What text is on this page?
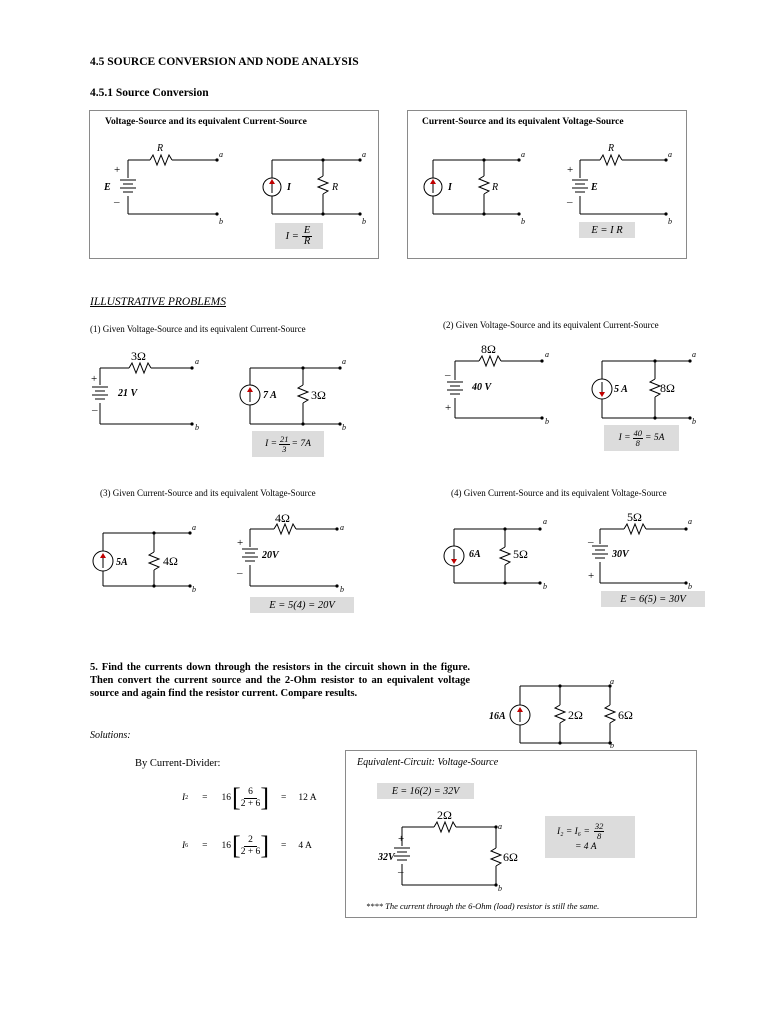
4.5 SOURCE CONVERSION AND NODE ANALYSIS
4.5.1 Source Conversion
Voltage-Source and its equivalent Current-Source
R
+
E
–
a
b
I	R
a
b
$I = \frac{E}{R}$
Current-Source and its equivalent Voltage-Source
I	R
a
b
R
+
E
–
a
b
E = I R
ILLUSTRATIVE PROBLEMS
(1) Given Voltage-Source and its equivalent Current-Source	(2) Given Voltage-Source and its equivalent Current-Source
(3) Given Current-Source and its equivalent Voltage-Source	(4) Given Current-Source and its equivalent Voltage-Source
3Ω
+
–
21 V
a
b
7 A	3Ω
a
b
8Ω
–
+
40 V
a
b
5 A	8Ω
a
b
5A	4Ω
a
b
4Ω
+
–
20V
a
b
6A	5Ω
a
b
5Ω
–
+
30V
a
b
$I = \frac{21}{3} = 7A$
$I = \frac{40}{8} = 5A$
E = 5(4) = 20V
E = 6(5) = 30V
5. Find the currents down through the resistors in the circuit shown in the figure. Then convert the current source and the 2-Ohm resistor to an equivalent voltage source and again find the resistor current. Compare results.
Solutions:
16A	2Ω	6Ω
a
b
By Current-Divider:
I 2 = 16 [ $\frac{6}{2 + 6}$ ] = 12 A
I 6 = 16 [ $\frac{2}{2 + 6}$ ] = 4 A
Equivalent-Circuit: Voltage-Source
E = 16(2) = 32V
$I_2 = I_6 = \frac{32}{8}$
= 4 A
**** The current through the 6-Ohm (load) resistor is still the same.
2Ω
+
32V
–
6Ω
a
b
